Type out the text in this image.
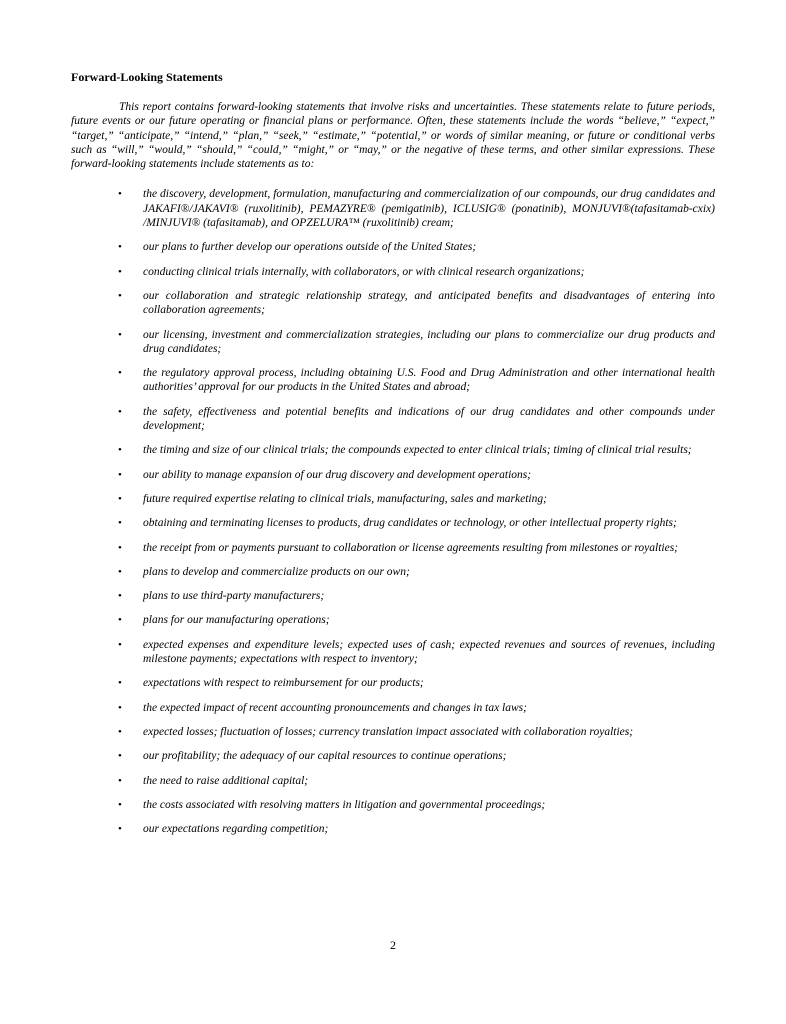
Forward-Looking Statements

This report contains forward-looking statements that involve risks and uncertainties. These statements relate to future periods, future events or our future operating or financial plans or performance. Often, these statements include the words “believe,” “expect,” “target,” “anticipate,” “intend,” “plan,” “seek,” “estimate,” “potential,” or words of similar meaning, or future or conditional verbs such as “will,” “would,” “should,” “could,” “might,” or “may,” or the negative of these terms, and other similar expressions. These forward-looking statements include statements as to:

• the discovery, development, formulation, manufacturing and commercialization of our compounds, our drug candidates and JAKAFI®/JAKAVI® (ruxolitinib), PEMAZYRE® (pemigatinib), ICLUSIG® (ponatinib), MONJUVI®(tafasitamab-cxix) /MINJUVI® (tafasitamab), and OPZELURA™ (ruxolitinib) cream;
• our plans to further develop our operations outside of the United States;
• conducting clinical trials internally, with collaborators, or with clinical research organizations;
• our collaboration and strategic relationship strategy, and anticipated benefits and disadvantages of entering into collaboration agreements;
• our licensing, investment and commercialization strategies, including our plans to commercialize our drug products and drug candidates;
• the regulatory approval process, including obtaining U.S. Food and Drug Administration and other international health authorities’ approval for our products in the United States and abroad;
• the safety, effectiveness and potential benefits and indications of our drug candidates and other compounds under development;
• the timing and size of our clinical trials; the compounds expected to enter clinical trials; timing of clinical trial results;
• our ability to manage expansion of our drug discovery and development operations;
• future required expertise relating to clinical trials, manufacturing, sales and marketing;
• obtaining and terminating licenses to products, drug candidates or technology, or other intellectual property rights;
• the receipt from or payments pursuant to collaboration or license agreements resulting from milestones or royalties;
• plans to develop and commercialize products on our own;
• plans to use third-party manufacturers;
• plans for our manufacturing operations;
• expected expenses and expenditure levels; expected uses of cash; expected revenues and sources of revenues, including milestone payments; expectations with respect to inventory;
• expectations with respect to reimbursement for our products;
• the expected impact of recent accounting pronouncements and changes in tax laws;
• expected losses; fluctuation of losses; currency translation impact associated with collaboration royalties;
• our profitability; the adequacy of our capital resources to continue operations;
• the need to raise additional capital;
• the costs associated with resolving matters in litigation and governmental proceedings;
• our expectations regarding competition;
2
